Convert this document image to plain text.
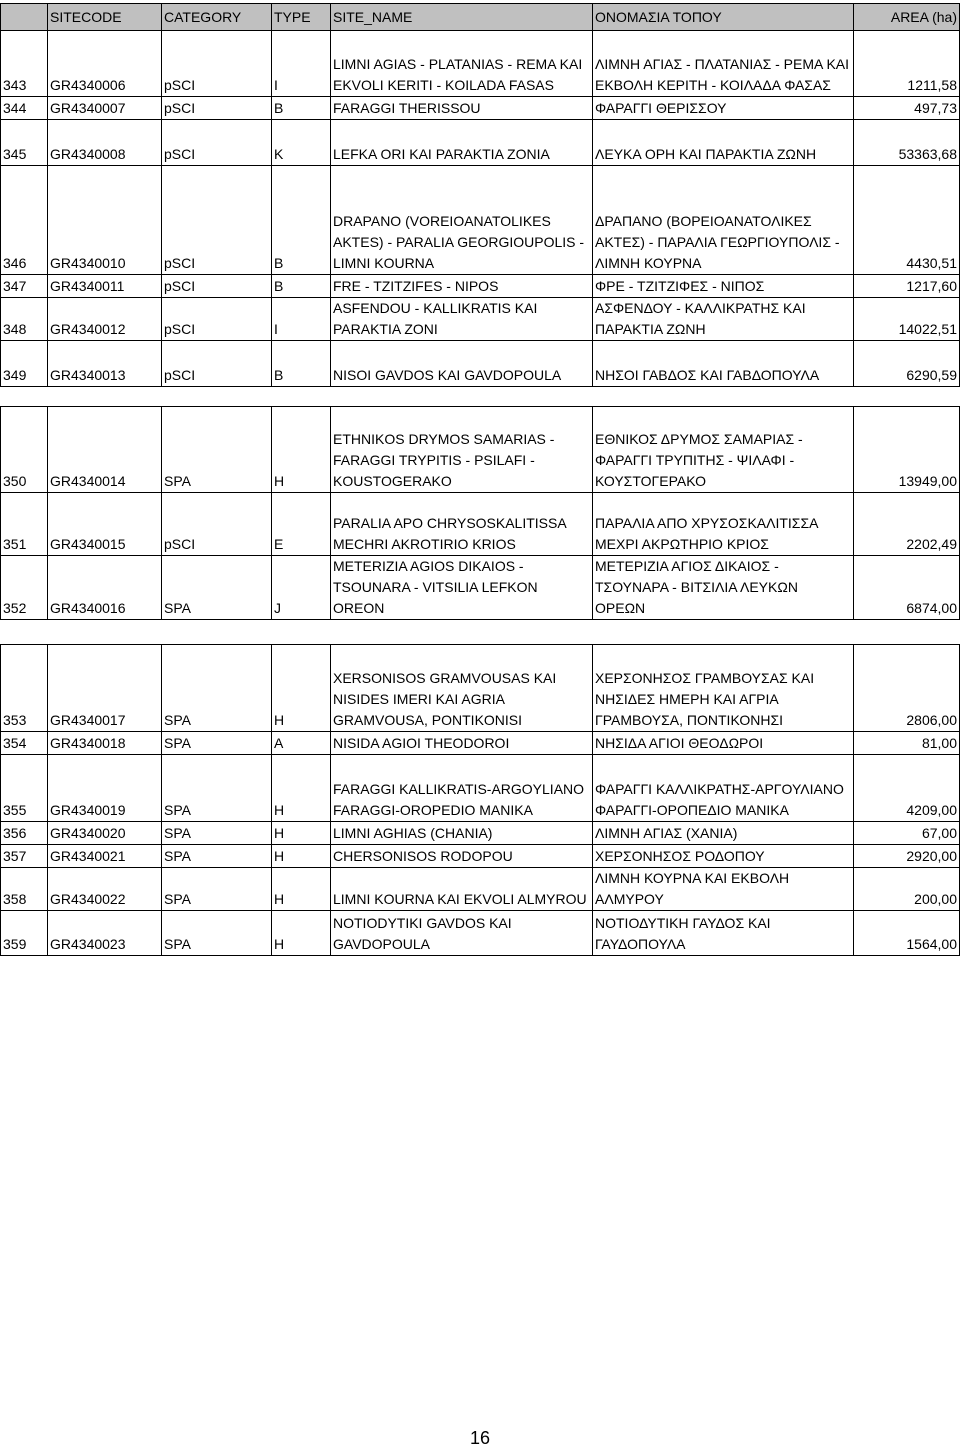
	SITECODE	CATEGORY	TYPE	SITE_NAME	ΟΝΟΜΑΣΙΑ ΤΟΠΟΥ	AREA (ha)
343	GR4340006	pSCI	I	LIMNI AGIAS - PLATANIAS - REMA KAI EKVOLI KERITI - KOILADA FASAS	ΛΙΜΝΗ ΑΓΙΑΣ - ΠΛΑΤΑΝΙΑΣ - ΡΕΜΑ ΚΑΙ ΕΚΒΟΛΗ ΚΕΡΙΤΗ - ΚΟΙΛΑΔΑ ΦΑΣΑΣ	1211,58
344	GR4340007	pSCI	B	FARAGGI THERISSOU	ΦΑΡΑΓΓΙ ΘΕΡΙΣΣΟΥ	497,73
345	GR4340008	pSCI	K	LEFKA ORI KAI PARAKTIA ZONIA	ΛΕΥΚΑ ΟΡΗ ΚΑΙ ΠΑΡΑΚΤΙΑ ΖΩΝΗ	53363,68
346	GR4340010	pSCI	B	DRAPANO (VOREIOANATOLIKES AKTES) - PARALIA GEORGIOUPOLIS - LIMNI KOURNA	ΔΡΑΠΑΝΟ (ΒΟΡΕΙΟΑΝΑΤΟΛΙΚΕΣ ΑΚΤΕΣ) - ΠΑΡΑΛΙΑ ΓΕΩΡΓΙΟΥΠΟΛΙΣ - ΛΙΜΝΗ ΚΟΥΡΝΑ	4430,51
347	GR4340011	pSCI	B	FRE - TZITZIFES - NIPOS	ΦΡΕ - ΤΖΙΤΖΙΦΕΣ - ΝΙΠΟΣ	1217,60
348	GR4340012	pSCI	I	ASFENDOU - KALLIKRATIS KAI PARAKTIA ZONI	ΑΣΦΕΝΔΟΥ - ΚΑΛΛΙΚΡΑΤΗΣ ΚΑΙ ΠΑΡΑΚΤΙΑ ΖΩΝΗ	14022,51
349	GR4340013	pSCI	B	NISOI GAVDOS KAI GAVDOPOULA	ΝΗΣΟΙ ΓΑΒΔΟΣ ΚΑΙ ΓΑΒΔΟΠΟΥΛΑ	6290,59

350	GR4340014	SPA	H	ETHNIKOS DRYMOS SAMARIAS - FARAGGI TRYPITIS - PSILAFI - KOUSTOGERAKO	ΕΘΝΙΚΟΣ ΔΡΥΜΟΣ ΣΑΜΑΡΙΑΣ - ΦΑΡΑΓΓΙ ΤΡΥΠΙΤΗΣ - ΨΙΛΑΦΙ - ΚΟΥΣΤΟΓΕΡΑΚΟ	13949,00
351	GR4340015	pSCI	E	PARALIA APO CHRYSOSKALITISSA MECHRI AKROTIRIO KRIOS	ΠΑΡΑΛΙΑ ΑΠΟ ΧΡΥΣΟΣΚΑΛΙΤΙΣΣΑ ΜΕΧΡΙ ΑΚΡΩΤΗΡΙΟ ΚΡΙΟΣ	2202,49
352	GR4340016	SPA	J	METERIZIA AGIOS DIKAIOS - TSOUNARA - VITSILIA LEFKON OREON	ΜΕΤΕΡΙΖΙΑ ΑΓΙΟΣ ΔΙΚΑΙΟΣ - ΤΣΟΥΝΑΡΑ - ΒΙΤΣΙΛΙΑ ΛΕΥΚΩΝ ΟΡΕΩΝ	6874,00

353	GR4340017	SPA	H	XERSONISOS GRAMVOUSAS KAI NISIDES IMERI KAI AGRIA GRAMVOUSA, PONTIKONISI	ΧΕΡΣΟΝΗΣΟΣ ΓΡΑΜΒΟΥΣΑΣ ΚΑΙ ΝΗΣΙΔΕΣ ΗΜΕΡΗ ΚΑΙ ΑΓΡΙΑ ΓΡΑΜΒΟΥΣΑ, ΠΟΝΤΙΚΟΝΗΣΙ	2806,00
354	GR4340018	SPA	A	NISIDA AGIOI THEODOROI	ΝΗΣΙΔΑ ΑΓΙΟΙ ΘΕΟΔΩΡΟΙ	81,00
355	GR4340019	SPA	H	FARAGGI KALLIKRATIS-ARGOYLIANO FARAGGI-OROPEDIO MANIKA	ΦΑΡΑΓΓΙ ΚΑΛΛΙΚΡΑΤΗΣ-ΑΡΓΟΥΛΙΑΝΟ ΦΑΡΑΓΓΙ-ΟΡΟΠΕΔΙΟ ΜΑΝΙΚΑ	4209,00
356	GR4340020	SPA	H	LIMNI AGHIAS (CHANIA)	ΛΙΜΝΗ ΑΓΙΑΣ (ΧΑΝΙΑ)	67,00
357	GR4340021	SPA	H	CHERSONISOS RODOPOU	ΧΕΡΣΟΝΗΣΟΣ ΡΟΔΟΠΟΥ	2920,00
358	GR4340022	SPA	H	LIMNI KOURNA KAI EKVOLI ALMYROU	ΛΙΜΝΗ ΚΟΥΡΝΑ ΚΑΙ ΕΚΒΟΛΗ ΑΛΜΥΡΟΥ	200,00
359	GR4340023	SPA	H	NOTIODYTIKI GAVDOS KAI GAVDOPOULA	ΝΟΤΙΟΔΥΤΙΚΗ ΓΑΥΔΟΣ ΚΑΙ ΓΑΥΔΟΠΟΥΛΑ	1564,00
16
